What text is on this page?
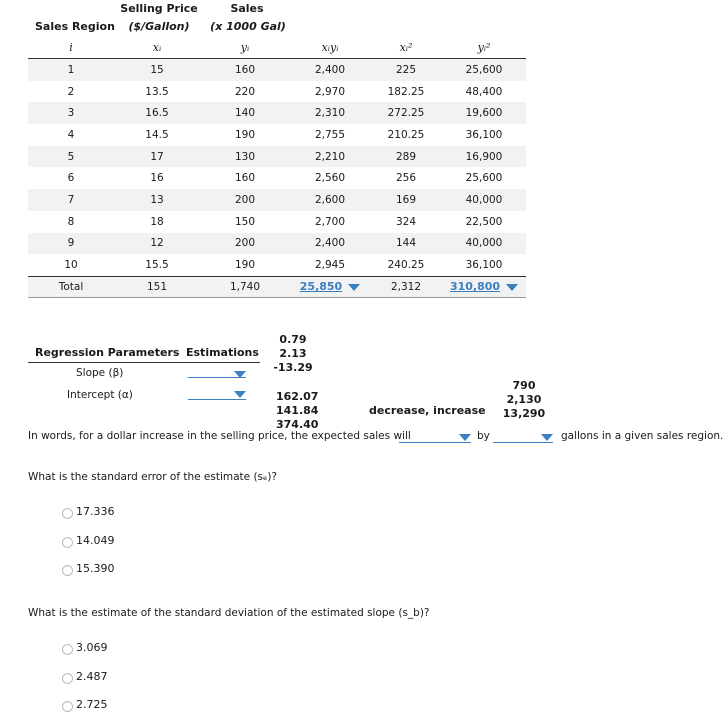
Selling Price	Sales
Sales Region	($/Gallon)	(x 1000 Gal)
i	xᵢ	yᵢ	xᵢyᵢ	xᵢ²	yᵢ²
1	15	160	2,400	225	25,600
2	13.5	220	2,970	182.25	48,400
3	16.5	140	2,310	272.25	19,600
4	14.5	190	2,755	210.25	36,100
5	17	130	2,210	289	16,900
6	16	160	2,560	256	25,600
7	13	200	2,600	169	40,000
8	18	150	2,700	324	22,500
9	12	200	2,400	144	40,000
10	15.5	190	2,945	240.25	36,100
Total	151	1,740	25,850	2,312	310,800
Regression Parameters Estimations
Slope (β)
Intercept (α)
0.79
2.13
-13.29
162.07
141.84
374.40
decrease, increase
790
2,130
13,290
In words, for a dollar increase in the selling price, the expected sales will	by	gallons in a given sales region.
What is the standard error of the estimate (sₑ)?
17.336
14.049
15.390
What is the estimate of the standard deviation of the estimated slope (s_b)?
3.069
2.487
2.725
